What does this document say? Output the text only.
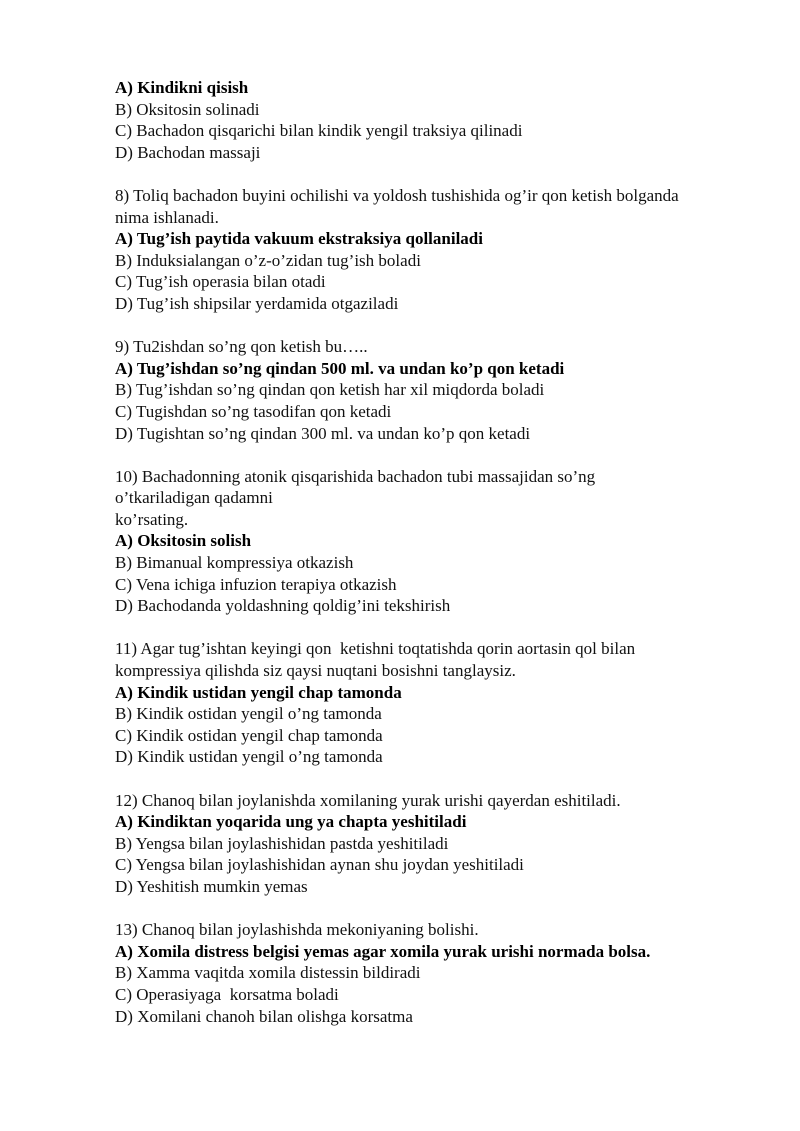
A) Kindikni qisish

B) Oksitosin solinadi

C) Bachadon qisqarichi bilan kindik yengil traksiya qilinadi

D) Bachodan massaji

8) Toliq bachadon buyini ochilishi va yoldosh tushishida og’ir qon ketish bolganda

nima ishlanadi.

A) Tug’ish paytida vakuum ekstraksiya qollaniladi

B) Induksialangan o’z-o’zidan tug’ish boladi

C) Tug’ish operasia bilan otadi

D) Tug’ish shipsilar yerdamida otgaziladi

9) Tu2ishdan so’ng qon ketish bu…..

A) Tug’ishdan so’ng qindan 500 ml. va undan ko’p qon ketadi

B) Tug’ishdan so’ng qindan qon ketish har xil miqdorda boladi

C) Tugishdan so’ng tasodifan qon ketadi

D) Tugishtan so’ng qindan 300 ml. va undan ko’p qon ketadi

10) Bachadonning atonik qisqarishida bachadon tubi massajidan so’ng

o’tkariladigan qadamni

ko’rsating.

A) Oksitosin solish

B) Bimanual kompressiya otkazish

C) Vena ichiga infuzion terapiya otkazish

D) Bachodanda yoldashning qoldig’ini tekshirish

11) Agar tug’ishtan keyingi qon  ketishni toqtatishda qorin aortasin qol bilan

kompressiya qilishda siz qaysi nuqtani bosishni tanglaysiz.

A) Kindik ustidan yengil chap tamonda

B) Kindik ostidan yengil o’ng tamonda

C) Kindik ostidan yengil chap tamonda

D) Kindik ustidan yengil o’ng tamonda

12) Chanoq bilan joylanishda xomilaning yurak urishi qayerdan eshitiladi.

A) Kindiktan yoqarida ung ya chapta yeshitiladi

B) Yengsa bilan joylashishidan pastda yeshitiladi

C) Yengsa bilan joylashishidan aynan shu joydan yeshitiladi

D) Yeshitish mumkin yemas

13) Chanoq bilan joylashishda mekoniyaning bolishi.

A) Xomila distress belgisi yemas agar xomila yurak urishi normada bolsa.

B) Xamma vaqitda xomila distessin bildiradi

C) Operasiyaga  korsatma boladi

D) Xomilani chanoh bilan olishga korsatma
